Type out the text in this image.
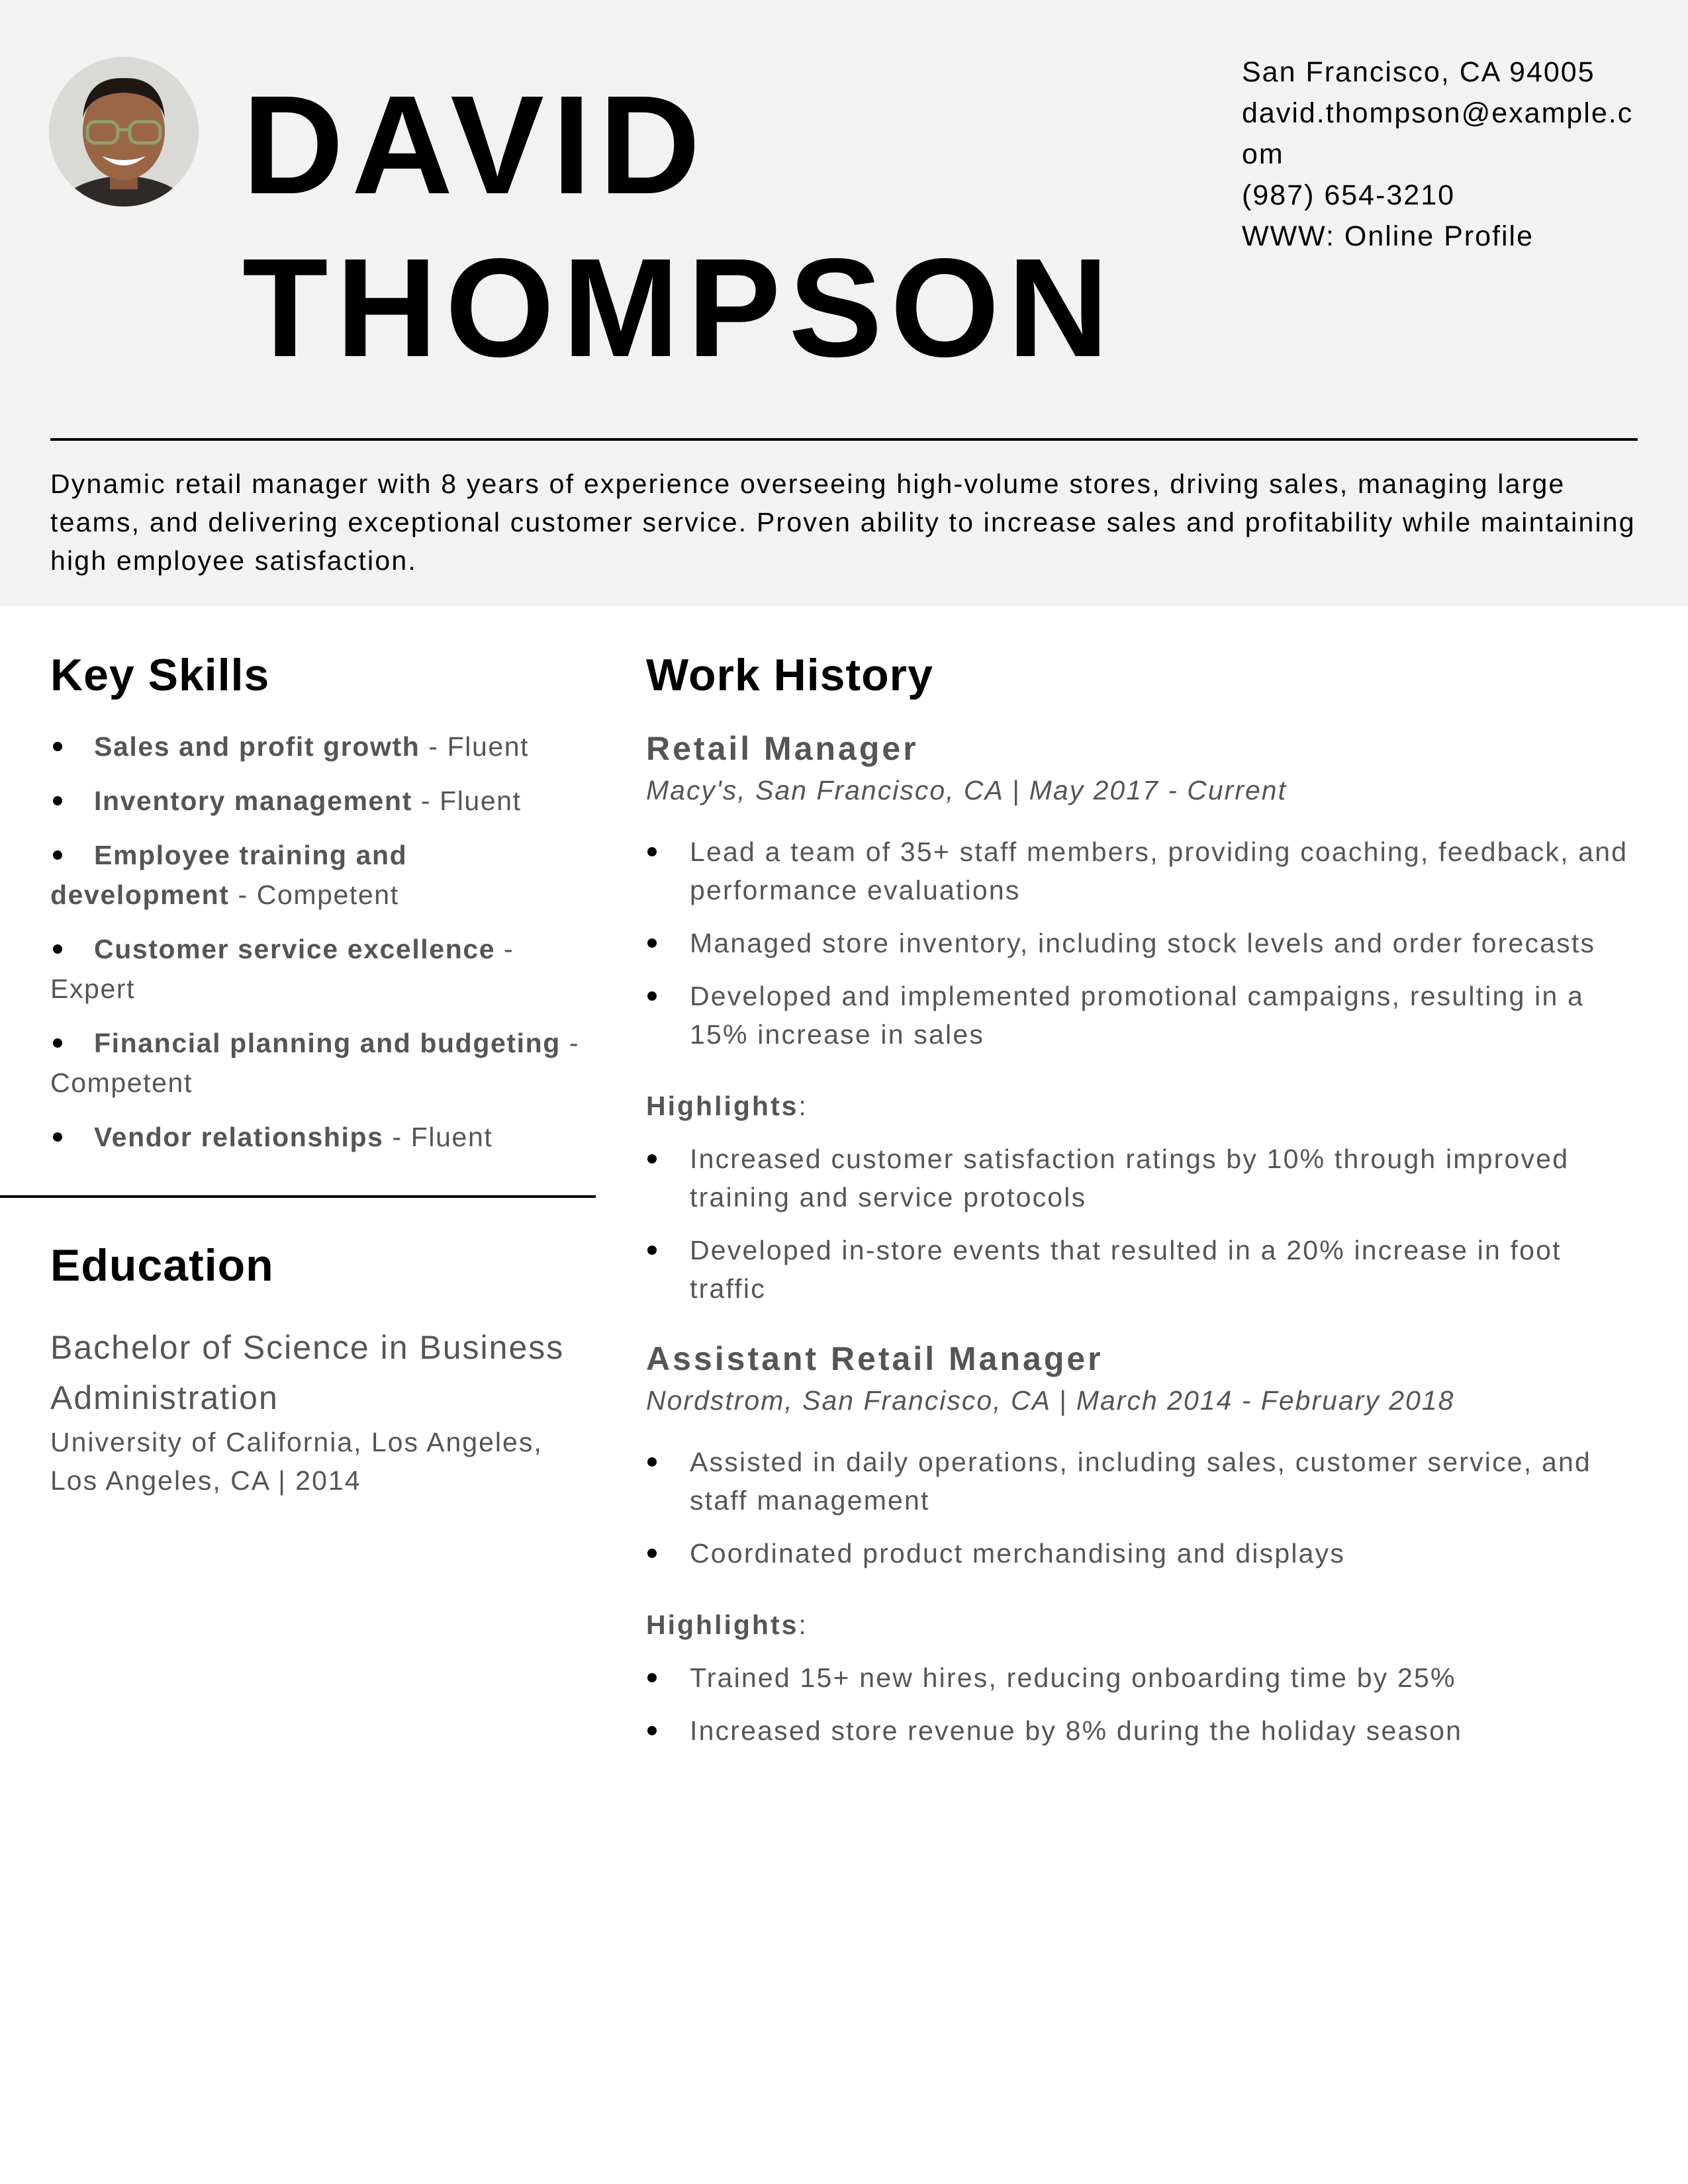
DAVID
THOMPSON
San Francisco, CA 94005
david.thompson@example.com
(987) 654-3210
WWW: Online Profile
Dynamic retail manager with 8 years of experience overseeing high-volume stores, driving sales, managing large teams, and delivering exceptional customer service. Proven ability to increase sales and profitability while maintaining high employee satisfaction.
Key Skills
Sales and profit growth - Fluent
Inventory management - Fluent
Employee training and development - Competent
Customer service excellence - Expert
Financial planning and budgeting - Competent
Vendor relationships - Fluent
Education
Bachelor of Science in Business Administration
University of California, Los Angeles, Los Angeles, CA | 2014
Work History
Retail Manager
Macy's, San Francisco, CA | May 2017 - Current
Lead a team of 35+ staff members, providing coaching, feedback, and performance evaluations
Managed store inventory, including stock levels and order forecasts
Developed and implemented promotional campaigns, resulting in a 15% increase in sales
Highlights:
Increased customer satisfaction ratings by 10% through improved training and service protocols
Developed in-store events that resulted in a 20% increase in foot traffic
Assistant Retail Manager
Nordstrom, San Francisco, CA | March 2014 - February 2018
Assisted in daily operations, including sales, customer service, and staff management
Coordinated product merchandising and displays
Highlights:
Trained 15+ new hires, reducing onboarding time by 25%
Increased store revenue by 8% during the holiday season
